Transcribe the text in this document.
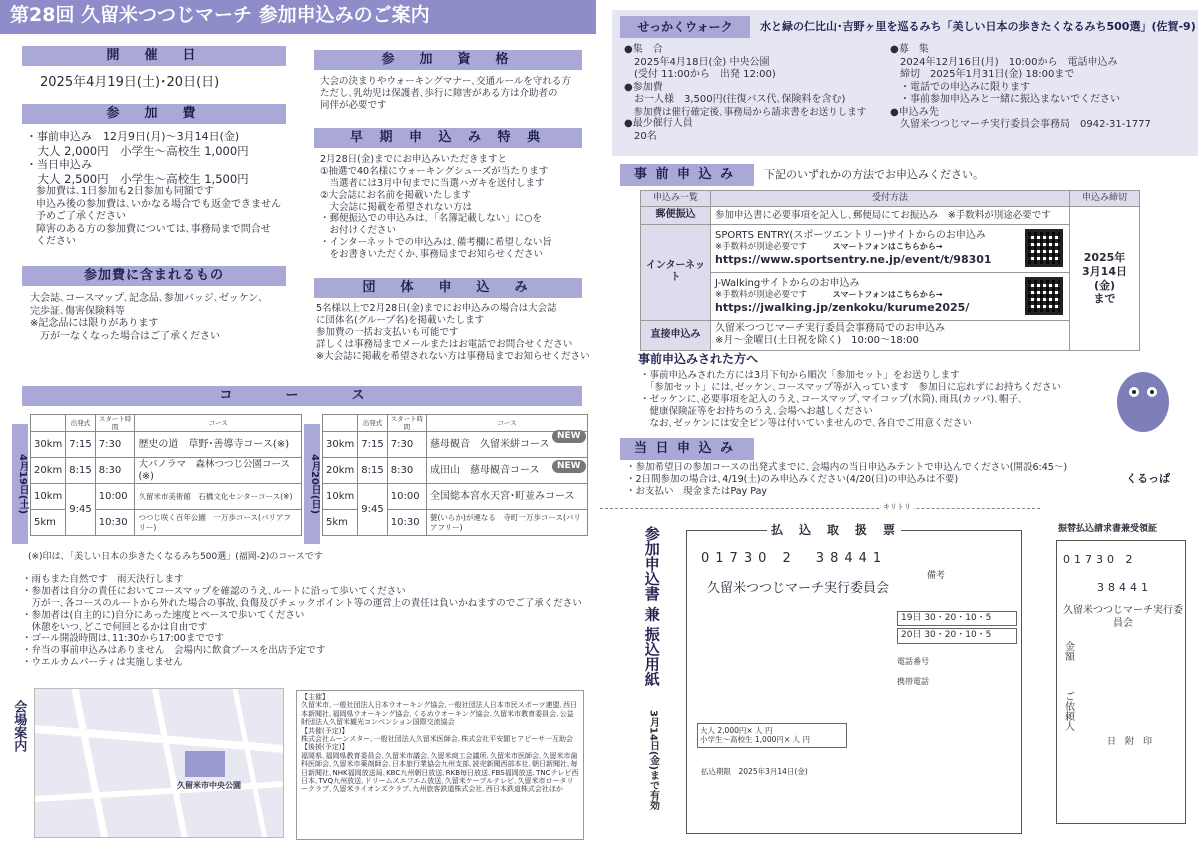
第28回 久留米つつじマーチ 参加申込みのご案内
開　催　日
2025年4月19日(土)･20日(日)
参　加　費
・事前申込み　12月9日(月)〜3月14日(金)
　大人 2,000円　小学生〜高校生 1,000円
・当日申込み
　大人 2,500円　小学生〜高校生 1,500円
　参加費は､1日参加も2日参加も同額です
　申込み後の参加費は､いかなる場合でも返金できません
　予めご了承ください
　障害のある方の参加費については､事務局まで問合せ
　ください
参加費に含まれるもの
大会誌､コースマップ､記念品､参加バッジ､ゼッケン､
完歩証､傷害保険料等
※記念品には限りがあります
　万が一なくなった場合はご了承ください
参　加　資　格
大会の決まりやウォーキングマナー､交通ルールを守れる方
ただし､乳幼児は保護者､歩行に障害がある方は介助者の
同伴が必要です
早 期 申 込 み 特 典
2月28日(金)までにお申込みいただきますと
①抽選で40名様にウォーキングシューズが当たります
　当選者には3月中旬までに当選ハガキを送付します
②大会誌にお名前を掲載いたします
　大会誌に掲載を希望されない方は
・郵便振込での申込みは､「名簿記載しない」に○を
　お付けください
・インターネットでの申込みは､備考欄に希望しない旨
　をお書きいただくか､事務局までお知らせください
団　体　申　込　み
5名様以上で2月28日(金)までにお申込みの場合は大会誌
に団体名(グループ名)を掲載いたします
参加費の一括お支払いも可能です
詳しくは事務局までメールまたはお電話でお問合せください
※大会誌に掲載を希望されない方は事務局までお知らせください
コ　ー　ス
4月19日(土)
	出発式	スタート時間	コース
30km	7:15	7:30	歴史の道　草野･善導寺コース(※)
20km	8:15	8:30	大パノラマ　森林つつじ公園コース(※)
10km	9:45	10:00	久留米市美術館　石橋文化センターコース(※)
5km		10:30	つつじ咲く百年公園　一万歩コース(バリアフリー)
4月20日(日)
	出発式	スタート時間	コース
30km	7:15	7:30	慈母観音　久留米絣コース
20km	8:15	8:30	成田山　慈母観音コース
10km	9:45	10:00	全国総本宮水天宮･町並みコース
5km		10:30	甍(いらか)が連なる　寺町一万歩コース(バリアフリー)
NEW
NEW
(※)印は､「美しい日本の歩きたくなるみち500選」(福岡-2)のコースです
・雨もまた自然です　雨天決行します
・参加者は自分の責任においてコースマップを確認のうえ､ルートに沿って歩いてください
　万が一､各コースのルートから外れた場合の事故､負傷及びチェックポイント等の運営上の責任は負いかねますのでご了承ください
・参加者は(自主的に)自分にあった速度とペースで歩いてください
　休憩をいつ､どこで何回とるかは自由です
・ゴール開設時間は､11:30から17:00までです
・弁当の事前申込みはありません　会場内に飲食ブースを出店予定です
・ウエルカムパーティは実施しません
会場案内
久留米市中央公園
【主催】
久留米市､一般社団法人日本ウオーキング協会､一般社団法人日本市民スポーツ連盟､西日本新聞社､福岡県ウオーキング協会､くるめウオーキング協会､久留米市教育委員会､公益財団法人久留米観光コンベンション国際交流協会
【共催(予定)】
株式会社ムーンスター､一般社団法人久留米医師会､株式会社平安閣ヒアピーサ一互助会
【後援(予定)】
福岡県､福岡県教育委員会､久留米市議会､久留米商工会議所､久留米市医師会､久留米市歯科医師会､久留米市薬剤師会､日本旅行業協会九州支部､読売新聞西部本社､朝日新聞社､毎日新聞社､NHK福岡放送局､KBC九州朝日放送､RKB毎日放送､FBS福岡放送､TNCテレビ西日本､TVQ九州放送､ドリームスエフエム放送､久留米ケーブルテレビ､久留米市ロータリークラブ､久留米ライオンズクラブ､九州旅客鉄道株式会社､西日本鉄道株式会社ほか
せっかくウォーク	水と緑の仁比山･吉野ヶ里を巡るみち「美しい日本の歩きたくなるみち500選」(佐賀-9)
●集　合
　2025年4月18日(金) 中央公園
　(受付 11:00から　出発 12:00)
●参加費
　お一人様　3,500円(往復バス代､保険料を含む)
　参加費は催行確定後､事務局から請求書をお送りします
●最少催行人員
　20名
●募　集
　2024年12月16日(月)　10:00から　電話申込み
　締切　2025年1月31日(金) 18:00まで
　・電話での申込みに限ります
　・事前参加申込みと一緒に振込まないでください
●申込み先
　久留米つつじマーチ実行委員会事務局　0942-31-1777
事 前 申 込 み	下記のいずれかの方法でお申込みください｡
申込み一覧	受付方法	申込み締切
郵便振込	参加申込書に必要事項を記入し､郵便局にてお振込み　※手数料が別途必要です	2025年
3月14日(金)
まで

インターネット	SPORTS ENTRY(スポーツエントリー)サイトからのお申込み
※手数料が別途必要です　　　 スマートフォンはこちらから→
https://www.sportsentry.ne.jp/event/t/98301	

	J-Walkingサイトからのお申込み
※手数料が別途必要です　　　 スマートフォンはこちらから→
https://jwalking.jp/zenkoku/kurume2025/	

直接申込み	久留米つつじマーチ実行委員会事務局でのお申込み
※月〜金曜日(土日祝を除く)　10:00〜18:00	
事前申込みされた方へ
・事前申込みされた方には3月下旬から順次「参加セット」をお送りします
　「参加セット」には､ゼッケン､コースマップ等が入っています　参加日に忘れずにお持ちください
・ゼッケンに､必要事項を記入のうえ､コースマップ､マイコップ(水筒)､雨具(カッパ)､帽子､
　健康保険証等をお持ちのうえ､会場へお越しください
　なお､ゼッケンには安全ピン等は付いていませんので､各自でご用意ください
くるっぱ
当 日 申 込 み
・参加希望日の参加コースの出発式までに､会場内の当日申込みテントで申込んでください(開設6:45〜)
・2日間参加の場合は､4/19(土)のみ申込みください(4/20(日)の申込みは不要)
・お支払い　現金またはPay Pay
キリトリ
参加申込書 兼 振込用紙
3月14日(金)まで有効
払　込　取　扱　票
01730 2　 38441
久留米つつじマーチ実行委員会
19日 30・20・10・5
20日 30・20・10・5
電話番号
携帯電話
大人 2,000円× 人 円
小学生〜高校生 1,000円× 人 円
払込期限　2025年3月14日(金)
備考
振替払込請求書兼受領証
01730 2
38441
久留米つつじマーチ実行委員会
金額
ご依頼人
日　附　印
